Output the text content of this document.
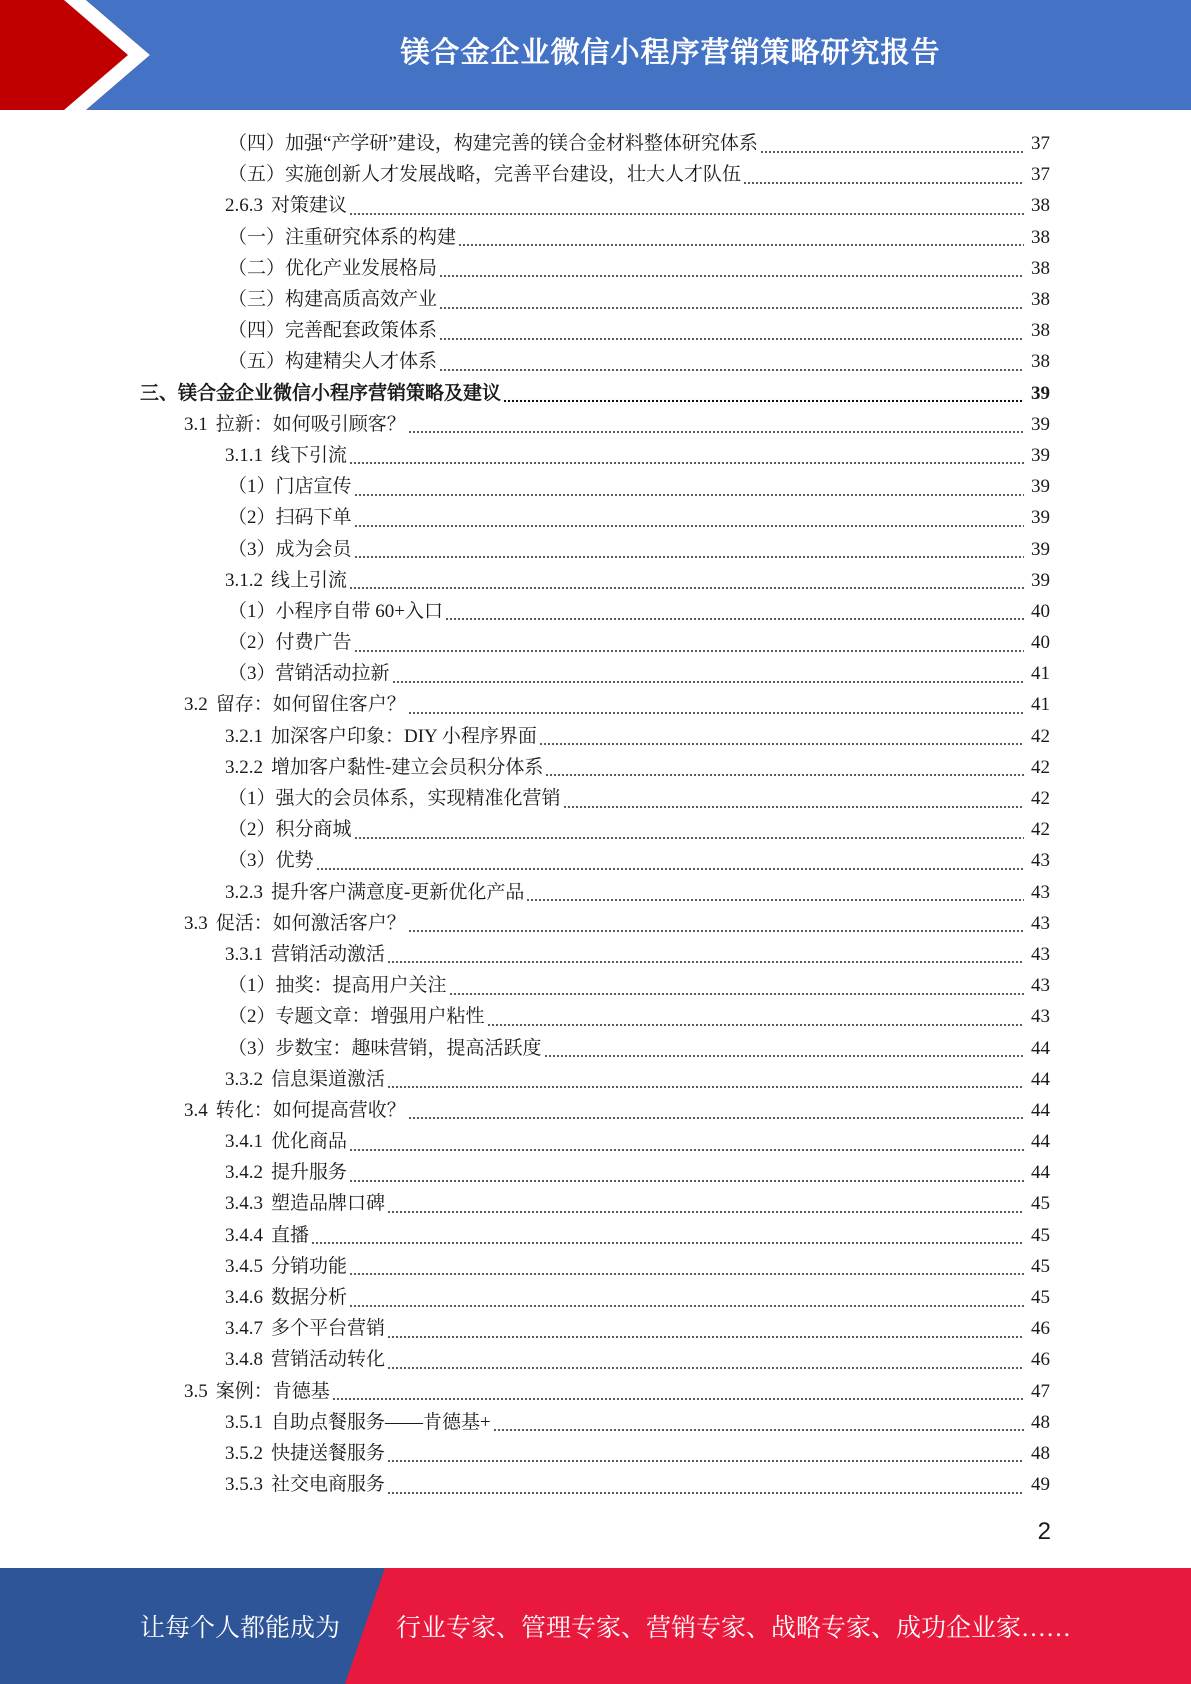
镁合金企业微信小程序营销策略研究报告
（四）加强“产学研”建设，构建完善的镁合金材料整体研究体系	37
（五）实施创新人才发展战略，完善平台建设，壮大人才队伍	37
2.6.3 对策建议	38
（一）注重研究体系的构建	38
（二）优化产业发展格局	38
（三）构建高质高效产业	38
（四）完善配套政策体系	38
（五）构建精尖人才体系	38
三、镁合金企业微信小程序营销策略及建议	39
3.1 拉新：如何吸引顾客？	39
3.1.1 线下引流	39
（1）门店宣传	39
（2）扫码下单	39
（3）成为会员	39
3.1.2 线上引流	39
（1）小程序自带 60+入口	40
（2）付费广告	40
（3）营销活动拉新	41
3.2 留存：如何留住客户？	41
3.2.1 加深客户印象：DIY 小程序界面	42
3.2.2 增加客户黏性-建立会员积分体系	42
（1）强大的会员体系，实现精准化营销	42
（2）积分商城	42
（3）优势	43
3.2.3 提升客户满意度-更新优化产品	43
3.3 促活：如何激活客户？	43
3.3.1 营销活动激活	43
（1）抽奖：提高用户关注	43
（2）专题文章：增强用户粘性	43
（3）步数宝：趣味营销，提高活跃度	44
3.3.2 信息渠道激活	44
3.4 转化：如何提高营收？	44
3.4.1 优化商品	44
3.4.2 提升服务	44
3.4.3 塑造品牌口碑	45
3.4.4 直播	45
3.4.5 分销功能	45
3.4.6 数据分析	45
3.4.7 多个平台营销	46
3.4.8 营销活动转化	46
3.5 案例：肯德基	47
3.5.1 自助点餐服务——肯德基+	48
3.5.2 快捷送餐服务	48
3.5.3 社交电商服务	49
2
让每个人都能成为 行业专家、管理专家、营销专家、战略专家、成功企业家……
